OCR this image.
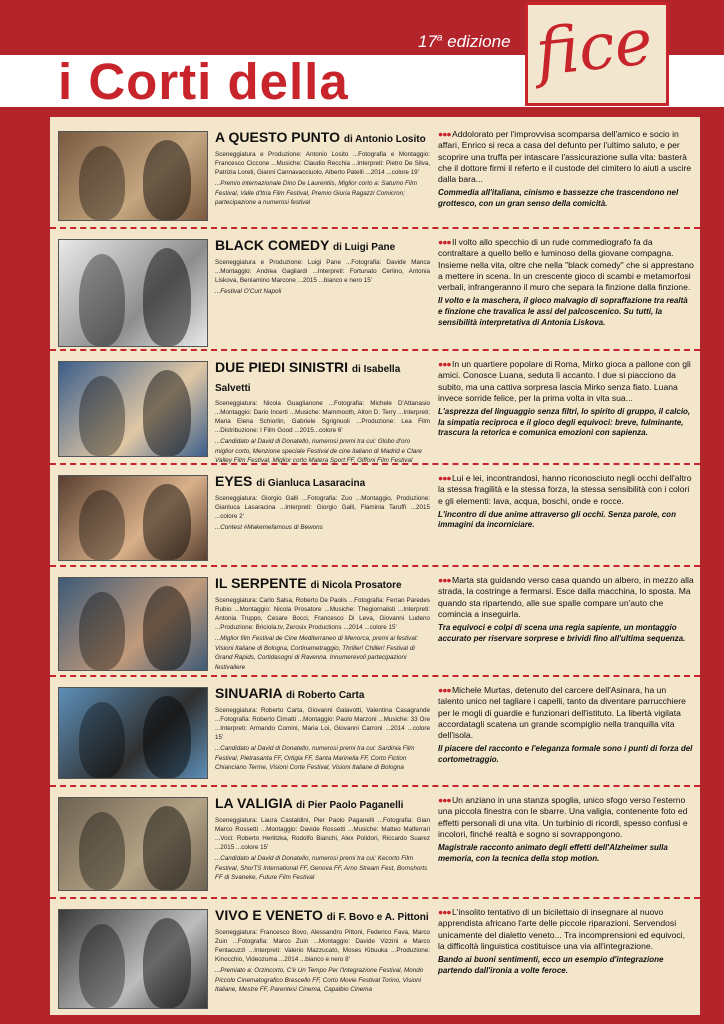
17$^a$ edizione
i Corti della	fice
A QUESTO PUNTO di Antonio Losito
Sceneggiatura e Produzione: Antonio Losito ...Fotografia e Montaggio: Francesco Ciccone ...Musiche: Claudio Recchia ...Interpreti: Pietro De Silva, Patrizia Loreti, Gianni Cannavacciuolo, Alberto Patelli ...2014 ...colore 19'
...Premio internazionale Dino De Laurentiis, Miglior corto a: Saturno Film Festival, Valle d'Itria Film Festival, Premio Giuria Ragazzi Comicron; partecipazione a numerosi festival
●●● Addolorato per l'improvvisa scomparsa dell'amico e socio in affari, Enrico si reca a casa del defunto per l'ultimo saluto, e per scoprire una truffa per intascare l'assicurazione sulla vita: basterà che il dottore firmi il referto e il custode del cimitero lo aiuti a uscire dalla bara...
Commedia all'italiana, cinismo e bassezze che trascendono nel grottesco, con un gran senso della comicità.
BLACK COMEDY di Luigi Pane
Sceneggiatura e Produzione: Luigi Pane ...Fotografia: Davide Manca ...Montaggio: Andrea Gagliardi ...Interpreti: Fortunato Cerlino, Antonia Liskova, Beniamino Marcone ...2015 ...bianco e nero 15'
...Festival O'Curt Napoli
●●● Il volto allo specchio di un rude commediografo fa da contraltare a quello bello e luminoso della giovane compagna. Insieme nella vita, oltre che nella "black comedy" che si apprestano a mettere in scena. In un crescente gioco di scambi e metamorfosi verbali, infrangeranno il muro che separa la finzione dalla finzione.
Il volto e la maschera, il gioco malvagio di sopraffazione tra realtà e finzione che travalica le assi del palcoscenico. Su tutti, la sensibilità interpretativa di Antonia Liskova.
DUE PIEDI SINISTRI di Isabella Salvetti
Sceneggiatura: Nicola Guaglianone ...Fotografia: Michele D'Attanasio ...Montaggio: Dario Incerti ...Musiche: Mammooth, Alton D. Terry ...Interpreti: Maria Elena Schiorlin, Gabriele Sgrignuoli ...Produzione: Lea Film ...Distribuzione: I Film Good ...2015...colore 6'
...Candidato al David di Donatello, numerosi premi tra cui: Globo d'oro miglior corto, Menzione speciale Festival de cine italiano di Madrid e Clare Valley Film Festival, Miglior corto Matera Sport FF, Giffoni Film Festival
●●● In un quartiere popolare di Roma, Mirko gioca a pallone con gli amici. Conosce Luana, seduta lì accanto. I due si piacciono da subito, ma una cattiva sorpresa lascia Mirko senza fiato. Luana invece sorride felice, per la prima volta in vita sua...
L'asprezza del linguaggio senza filtri, lo spirito di gruppo, il calcio, la simpatia reciproca e il gioco degli equivoci: breve, fulminante, trascura la retorica e comunica emozioni con sapienza.
EYES di Gianluca Lasaracina
Sceneggiatura: Giorgio Galli ...Fotografia: Zuo ...Montaggio, Produzione: Gianluca Lasaracina ...Interpreti: Giorgio Galli, Flaminia Taruffi ...2015 ...colore 2'
...Contest #Makemefamous di Bewons
●●● Lui e lei, incontrandosi, hanno riconosciuto negli occhi dell'altro la stessa fragilità e la stessa forza, la stessa sensibilità con i colori e gli elementi: lava, acqua, boschi, onde e rocce.
L'incontro di due anime attraverso gli occhi. Senza parole, con immagini da incorniciare.
IL SERPENTE di Nicola Prosatore
Sceneggiatura: Carlo Salsa, Roberto De Paolis ...Fotografia: Ferran Paredes Rubio ...Montaggio: Nicola Prosatore ...Musiche: Thegiornalisti ...Interpreti: Antonia Truppo, Cesare Bocci, Francesco Di Leva, Giovanni Ludeno ...Produzione: Briciola.tv, Zerosix Productions ...2014 ...colore 15'
...Miglior film Festival de Cine Mediterraneo di Menorca, premi ai festival: Visioni Italiane di Bologna, Cortinametraggio, Thriller! Chiller! Festival di Grand Rapids, Cortidasogni di Ravenna. Innumerevoli partecipazioni festivaliere
●●● Marta sta guidando verso casa quando un albero, in mezzo alla strada, la costringe a fermarsi. Esce dalla macchina, lo sposta. Ma quando sta ripartendo, alle sue spalle compare un'auto che comincia a inseguirla.
Tra equivoci e colpi di scena una regia sapiente, un montaggio accurato per riservare sorprese e brividi fino all'ultima sequenza.
SINUARIA di Roberto Carta
Sceneggiatura: Roberto Carta, Giovanni Galavotti, Valentina Casagrande ...Fotografia: Roberto Cimatti ...Montaggio: Paolo Marzoni ...Musiche: 33 Ore ...Interpreti: Armando Comini, Maria Loi, Giovanni Carroni ...2014 ...colore 15'
...Candidato al David di Donatello, numerosi premi tra cui: Sardinia Film Festival, Pietrasanta FF, Ortigia FF, Santa Marinella FF, Corto Fiction Chianciano Terme, Visioni Corte Festival, Visioni Italiane di Bologna
●●● Michele Murtas, detenuto del carcere dell'Asinara, ha un talento unico nel tagliare i capelli, tanto da diventare parrucchiere per le mogli di guardie e funzionari dell'istituto. La libertà vigilata accordatagli scatena un grande scompiglio nella tranquilla vita dell'isola.
Il piacere del racconto e l'eleganza formale sono i punti di forza del cortometraggio.
LA VALIGIA di Pier Paolo Paganelli
Sceneggiatura: Laura Castaldini, Pier Paolo Paganelli ...Fotografia: Gian Marco Rossetti ...Montaggio: Davide Rossetti ...Musiche: Matteo Malferrari ...Voci: Roberto Herlitzka, Rodolfo Bianchi, Alex Polidori, Riccardo Suarez ...2015 ...colore 15'
...Candidato al David di Donatello, numerosi premi tra cui: Kecorto Film Festival, ShorTS International FF, Genova FF, Arno Stream Fest, Bornshorts FF di Svaneke, Future Film Festival
●●● Un anziano in una stanza spoglia, unico sfogo verso l'esterno una piccola finestra con le sbarre. Una valigia, contenente foto ed effetti personali di una vita. Un turbinio di ricordi, spesso confusi e incolori, finché realtà e sogno si sovrappongono.
Magistrale racconto animato degli effetti dell'Alzheimer sulla memoria, con la tecnica della stop motion.
VIVO E VENETO di F. Bovo e A. Pittoni
Sceneggiatura: Francesco Bovo, Alessandro Pittoni, Federico Fava, Marco Zuin ...Fotografia: Marco Zuin ...Montaggio: Davide Vizzini e Marco Fentacuzzi ...Interpreti: Valerio Mazzucato, Moses Kibuuka ...Produzione: Kinocchio, Videozuma ...2014 ...bianco e nero 8'
...Premiato a: Orzincorto, C'è Un Tempo Per l'Integrazione Festival, Mondo Piccolo Cinematografico Brescello FF, Corto Movie Festival Torino, Visioni Italiane, Mestre FF, Parentesi Cinema, Capalbio Cinema
●●● L'insolito tentativo di un bicilettaio di insegnare al nuovo apprendista africano l'arte delle piccole riparazioni. Servendosi unicamente del dialetto veneto... Tra incomprensioni ed equivoci, la difficoltà linguistica costituisce una via all'integrazione.
Bando ai buoni sentimenti, ecco un esempio d'integrazione partendo dall'ironia a volte feroce.
